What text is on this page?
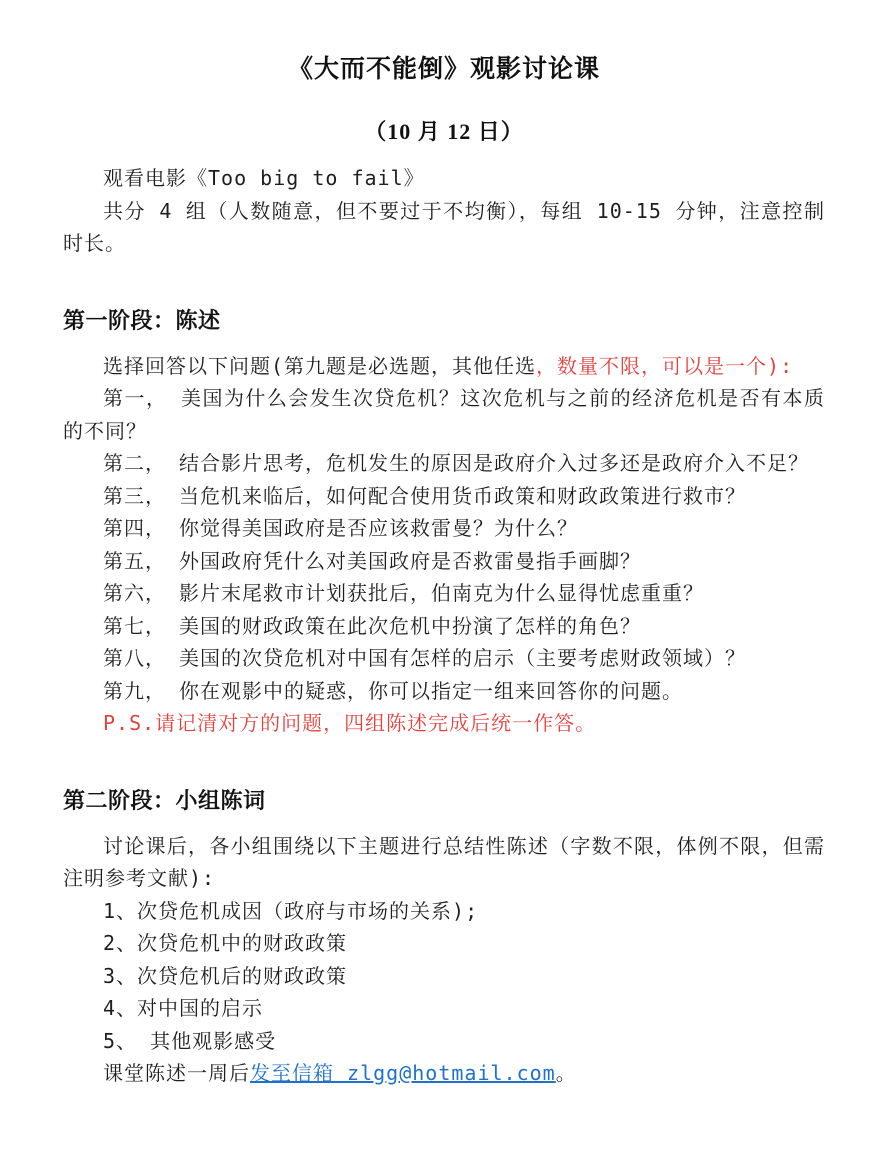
《大而不能倒》观影讨论课
（10 月 12 日）

观看电影《Too big to fail》

共分 4 组（人数随意，但不要过于不均衡），每组 10-15 分钟，注意控制时长。

第一阶段：陈述

选择回答以下问题(第九题是必选题，其他任选，数量不限，可以是一个):

第一， 美国为什么会发生次贷危机？这次危机与之前的经济危机是否有本质的不同？

第二， 结合影片思考，危机发生的原因是政府介入过多还是政府介入不足？

第三， 当危机来临后，如何配合使用货币政策和财政政策进行救市？

第四， 你觉得美国政府是否应该救雷曼？为什么？

第五， 外国政府凭什么对美国政府是否救雷曼指手画脚？

第六， 影片末尾救市计划获批后，伯南克为什么显得忧虑重重？

第七， 美国的财政政策在此次危机中扮演了怎样的角色？

第八， 美国的次贷危机对中国有怎样的启示（主要考虑财政领域）？

第九， 你在观影中的疑惑，你可以指定一组来回答你的问题。

P.S.请记清对方的问题，四组陈述完成后统一作答。

第二阶段：小组陈词

讨论课后，各小组围绕以下主题进行总结性陈述（字数不限，体例不限，但需注明参考文献):

1、次贷危机成因（政府与市场的关系);

2、次贷危机中的财政政策

3、次贷危机后的财政政策

4、对中国的启示

5、 其他观影感受

课堂陈述一周后发至信箱 zlgg@hotmail.com。
